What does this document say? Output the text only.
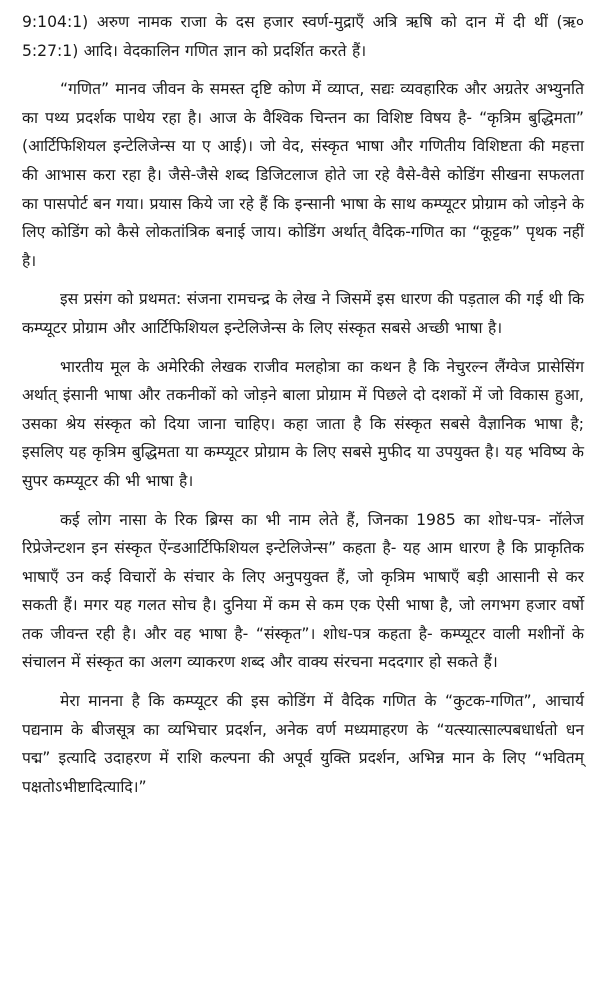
9:104:1) अरुण नामक राजा के दस हजार स्वर्ण-मुद्राएँ अत्रि ऋषि को दान में दी थीं (ऋ० 5:27:1) आदि। वेदकालिन गणित ज्ञान को प्रदर्शित करते हैं।

“गणित” मानव जीवन के समस्त दृष्टि कोण में व्याप्त, सद्यः व्यवहारिक और अग्रतेर अभ्युनति का पथ्य प्रदर्शक पाथेय रहा है। आज के वैश्विक चिन्तन का विशिष्ट विषय है- “कृत्रिम बुद्धिमता” (आर्टिफिशियल इन्टेलिजेन्स या ए आई)। जो वेद, संस्कृत भाषा और गणितीय विशिष्टता की महत्ता की आभास करा रहा है। जैसे-जैसे शब्द डिजिटलाज होते जा रहे वैसे-वैसे कोडिंग सीखना सफलता का पासपोर्ट बन गया। प्रयास किये जा रहे हैं कि इन्सानी भाषा के साथ कम्प्यूटर प्रोग्राम को जोड़ने के लिए कोडिंग को कैसे लोकतांत्रिक बनाई जाय। कोडिंग अर्थात् वैदिक-गणित का “कूट्टक” पृथक नहीं है।

इस प्रसंग को प्रथमत: संजना रामचन्द्र के लेख ने जिसमें इस धारण की पड़ताल की गई थी कि कम्प्यूटर प्रोग्राम और आर्टिफिशियल इन्टेलिजेन्स के लिए संस्कृत सबसे अच्छी भाषा है।

भारतीय मूल के अमेरिकी लेखक राजीव मलहोत्रा का कथन है कि नेचुरल्न लैंग्वेज प्रासेसिंग अर्थात् इंसानी भाषा और तकनीकों को जोड़ने बाला प्रोग्राम में पिछले दो दशकों में जो विकास हुआ, उसका श्रेय संस्कृत को दिया जाना चाहिए। कहा जाता है कि संस्कृत सबसे वैज्ञानिक भाषा है; इसलिए यह कृत्रिम बुद्धिमता या कम्प्यूटर प्रोग्राम के लिए सबसे मुफीद या उपयुक्त है। यह भविष्य के सुपर कम्प्यूटर की भी भाषा है।

कई लोग नासा के रिक ब्रिग्स का भी नाम लेते हैं, जिनका 1985 का शोध-पत्र- नॉलेज रिप्रेजेन्टशन इन संस्कृत ऐंन्डआर्टिफिशियल इन्टेलिजेन्स” कहता है- यह आम धारण है कि प्राकृतिक भाषाएँ उन कई विचारों के संचार के लिए अनुपयुक्त हैं, जो कृत्रिम भाषाएँ बड़ी आसानी से कर सकती हैं। मगर यह गलत सोच है। दुनिया में कम से कम एक ऐसी भाषा है, जो लगभग हजार वर्षो तक जीवन्त रही है। और वह भाषा है- “संस्कृत”। शोध-पत्र कहता है- कम्प्यूटर वाली मशीनों के संचालन में संस्कृत का अलग व्याकरण शब्द और वाक्य संरचना मददगार हो सकते हैं।

मेरा मानना है कि कम्प्यूटर की इस कोडिंग में वैदिक गणित के “कुटक-गणित”, आचार्य पद्यनाम के बीजसूत्र का व्यभिचार प्रदर्शन, अनेक वर्ण मध्यमाहरण के “यत्स्यात्साल्पबधार्धतो धन पद्म” इत्यादि उदाहरण में राशि कल्पना की अपूर्व युक्ति प्रदर्शन, अभिन्न मान के लिए “भवितम् पक्षतोऽभीष्टादित्यादि।”
